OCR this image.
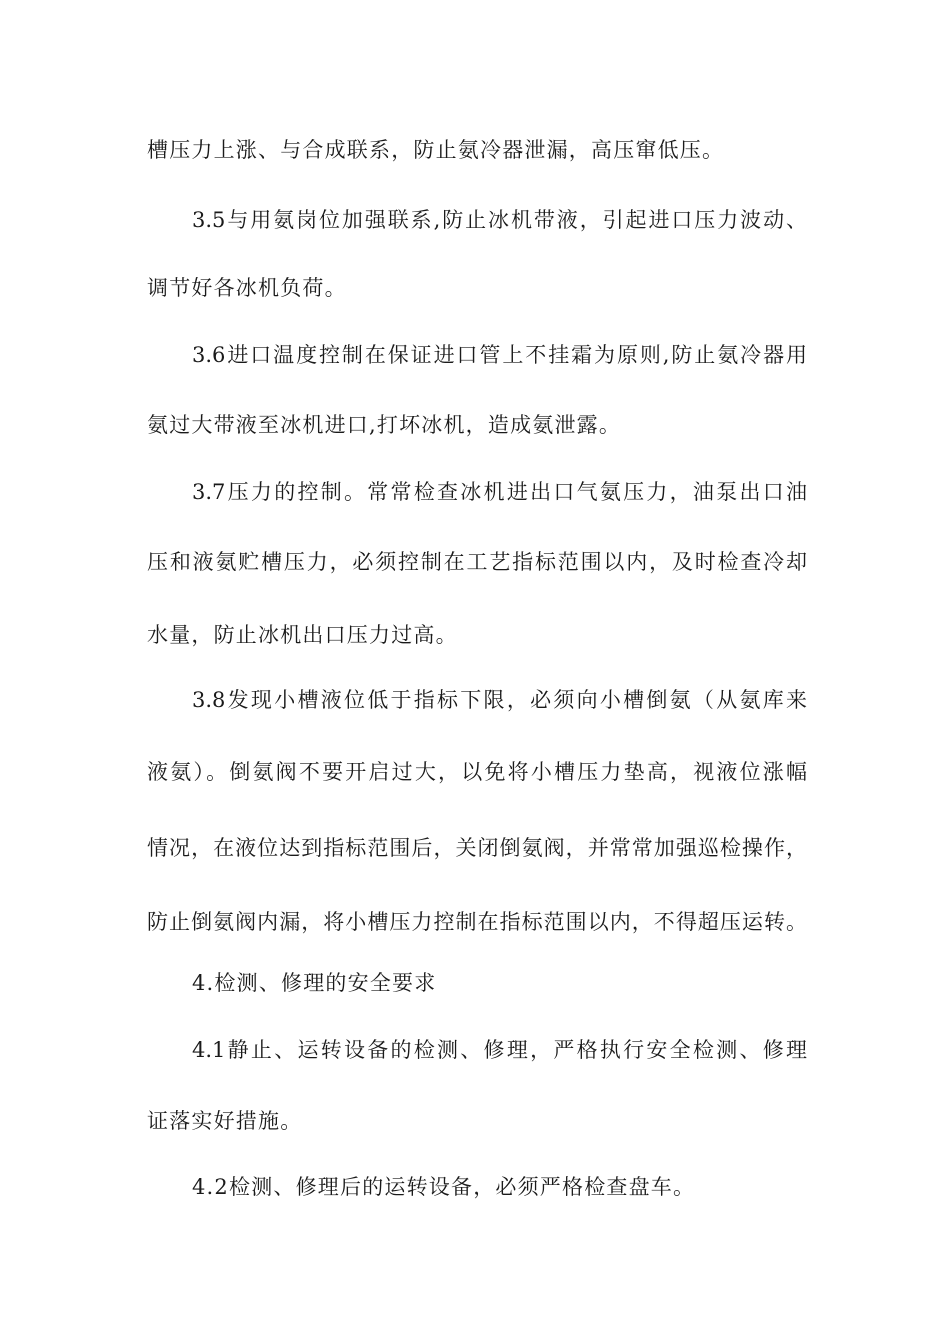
槽压力上涨、与合成联系，防止氨冷器泄漏，高压窜低压。

3.5与用氨岗位加强联系,防止冰机带液，引起进口压力波动、

调节好各冰机负荷。

3.6进口温度控制在保证进口管上不挂霜为原则,防止氨冷器用

氨过大带液至冰机进口,打坏冰机，造成氨泄露。

3.7压力的控制。常常检查冰机进出口气氨压力，油泵出口油

压和液氨贮槽压力，必须控制在工艺指标范围以内，及时检查冷却

水量，防止冰机出口压力过高。

3.8发现小槽液位低于指标下限，必须向小槽倒氨（从氨库来

液氨）。倒氨阀不要开启过大，以免将小槽压力垫高，视液位涨幅

情况，在液位达到指标范围后，关闭倒氨阀，并常常加强巡检操作，

防止倒氨阀内漏，将小槽压力控制在指标范围以内，不得超压运转。

4.检测、修理的安全要求

4.1静止、运转设备的检测、修理，严格执行安全检测、修理

证落实好措施。

4.2检测、修理后的运转设备，必须严格检查盘车。
